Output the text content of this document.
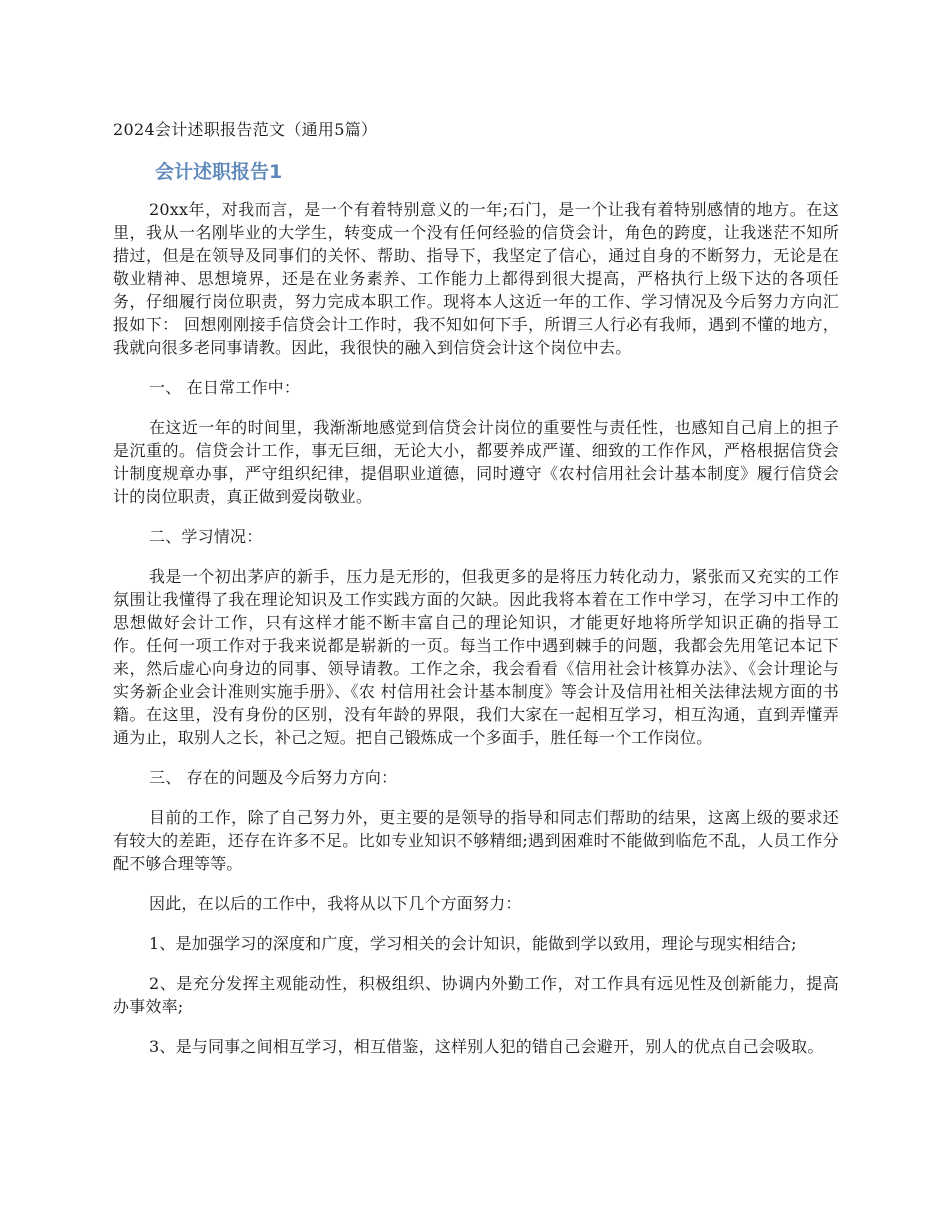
2024会计述职报告范文（通用5篇）
会计述职报告1

20xx年，对我而言，是一个有着特别意义的一年;石门，是一个让我有着特别感情的地方。在这里，我从一名刚毕业的大学生，转变成一个没有任何经验的信贷会计，角色的跨度，让我迷茫不知所措过，但是在领导及同事们的关怀、帮助、指导下，我坚定了信心，通过自身的不断努力，无论是在敬业精神、思想境界，还是在业务素养、工作能力上都得到很大提高，严格执行上级下达的各项任务，仔细履行岗位职责，努力完成本职工作。现将本人这近一年的工作、学习情况及今后努力方向汇报如下： 回想刚刚接手信贷会计工作时，我不知如何下手，所谓三人行必有我师，遇到不懂的地方，我就向很多老同事请教。因此，我很快的融入到信贷会计这个岗位中去。

一、 在日常工作中：

在这近一年的时间里，我渐渐地感觉到信贷会计岗位的重要性与责任性，也感知自己肩上的担子是沉重的。信贷会计工作，事无巨细，无论大小，都要养成严谨、细致的工作作风，严格根据信贷会计制度规章办事，严守组织纪律，提倡职业道德，同时遵守《农村信用社会计基本制度》履行信贷会计的岗位职责，真正做到爱岗敬业。

二、学习情况：

我是一个初出茅庐的新手，压力是无形的，但我更多的是将压力转化动力，紧张而又充实的工作氛围让我懂得了我在理论知识及工作实践方面的欠缺。因此我将本着在工作中学习，在学习中工作的思想做好会计工作，只有这样才能不断丰富自己的理论知识，才能更好地将所学知识正确的指导工作。任何一项工作对于我来说都是崭新的一页。每当工作中遇到棘手的问题，我都会先用笔记本记下来，然后虚心向身边的同事、领导请教。工作之余，我会看看《信用社会计核算办法》、《会计理论与实务新企业会计准则实施手册》、《农 村信用社会计基本制度》等会计及信用社相关法律法规方面的书籍。在这里，没有身份的区别，没有年龄的界限，我们大家在一起相互学习，相互沟通，直到弄懂弄通为止，取别人之长，补己之短。把自己锻炼成一个多面手，胜任每一个工作岗位。

三、 存在的问题及今后努力方向：

目前的工作，除了自己努力外，更主要的是领导的指导和同志们帮助的结果，这离上级的要求还有较大的差距，还存在许多不足。比如专业知识不够精细;遇到困难时不能做到临危不乱，人员工作分配不够合理等等。

因此，在以后的工作中，我将从以下几个方面努力：

1、是加强学习的深度和广度，学习相关的会计知识，能做到学以致用，理论与现实相结合;

2、是充分发挥主观能动性，积极组织、协调内外勤工作，对工作具有远见性及创新能力，提高办事效率;

3、是与同事之间相互学习，相互借鉴，这样别人犯的错自己会避开，别人的优点自己会吸取。
